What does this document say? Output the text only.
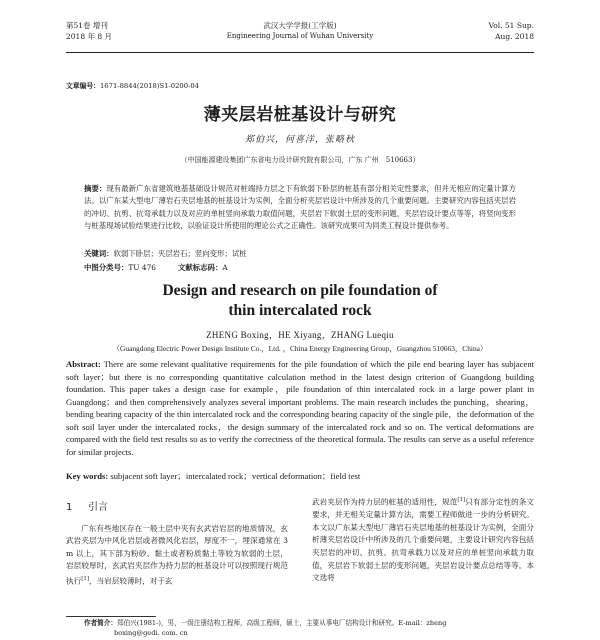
第51卷 增刊
2018 年 8 月
武汉大学学报(工学版)
Engineering Journal of Wuhan University
Vol. 51 Sup.
Aug. 2018
文章编号：1671-8844(2018)S1-0200-04
薄夹层岩桩基设计与研究
郑伯兴，何喜洋，张略秋
（中国能源建设集团广东省电力设计研究院有限公司，广东 广州　510663）
摘要：现有最新广东省建筑地基基础设计规范对桩端持力层之下有软弱下卧层的桩基有部分相关定性要求，但并无相应的定量计算方法。以广东某大型电厂薄岩石夹层地基的桩基设计为实例，全面分析夹层岩设计中所涉及的几个重要问题。主要研究内容包括夹层岩的冲切、抗剪、抗弯承载力以及对应的单桩竖向承载力取值问题，夹层岩下软弱土层的变形问题，夹层岩设计要点等等，将竖向变形与桩基现场试验结果进行比较，以验证设计所使用的理论公式之正确性。该研究成果可为同类工程设计提供参考。
关键词：软弱下卧层；夹层岩石；竖向变形；试桩
中图分类号：TU 476	文献标志码：A
Design and research on pile foundation of
thin intercalated rock
ZHENG Boxing，HE Xiyang，ZHANG Lueqiu
（Guangdong Electric Power Design Institute Co.，Ltd. ，China Energy Engineering Group，Guangzhou 510663，China）
Abstract: There are some relevant qualitative requirements for the pile foundation of which the pile end bearing layer has subjacent soft layer；but there is no corresponding quantitative calculation method in the latest design criterion of Guangdong building foundation. This paper takes a design case for example，pile foundation of thin intercalated rock in a large power plant in Guangdong；and then comprehensively analyzes several important problems. The main research includes the punching，shearing，bending bearing capacity of the thin intercalated rock and the corresponding bearing capacity of the single pile，the deformation of the soft soil layer under the intercalated rocks，the design summary of the intercalated rock and so on. The vertical deformations are compared with the field test results so as to verify the correctness of the theoretical formula. The results can serve as a useful reference for similar projects.
Key words: subjacent soft layer；intercalated rock；vertical deformation；field test
1 引言
广东有些地区存在一般土层中夹有玄武岩岩层的地质情况，玄武岩夹层为中风化岩层或者微风化岩层，厚度不一，埋深通常在 3 m 以上，其下部为粉砂、黏土或者粉质黏土等较为软弱的土层，岩层较厚时，玄武岩夹层作为持力层的桩基设计可以按照现行规范执行[1]，当岩层较薄时，对于玄
武岩夹层作为持力层的桩基的适用性，规范[1]只有部分定性的条文要求，并无相关定量计算方法，需要工程师做进一步的分析研究。本文以广东某大型电厂薄岩石夹层地基的桩基设计为实例，全面分析薄夹层岩设计中所涉及的几个重要问题，主要设计研究内容包括夹层岩的冲切、抗剪、抗弯承载力以及对应的单桩竖向承载力取值，夹层岩下软弱土层的变形问题，夹层岩设计要点总结等等。本文选将
作者简介：郑伯兴(1981-)，男，一级注册结构工程师，高级工程师，硕士，主要从事电厂结构设计和研究。E-mail：zheng
boxing@gedi. com. cn
